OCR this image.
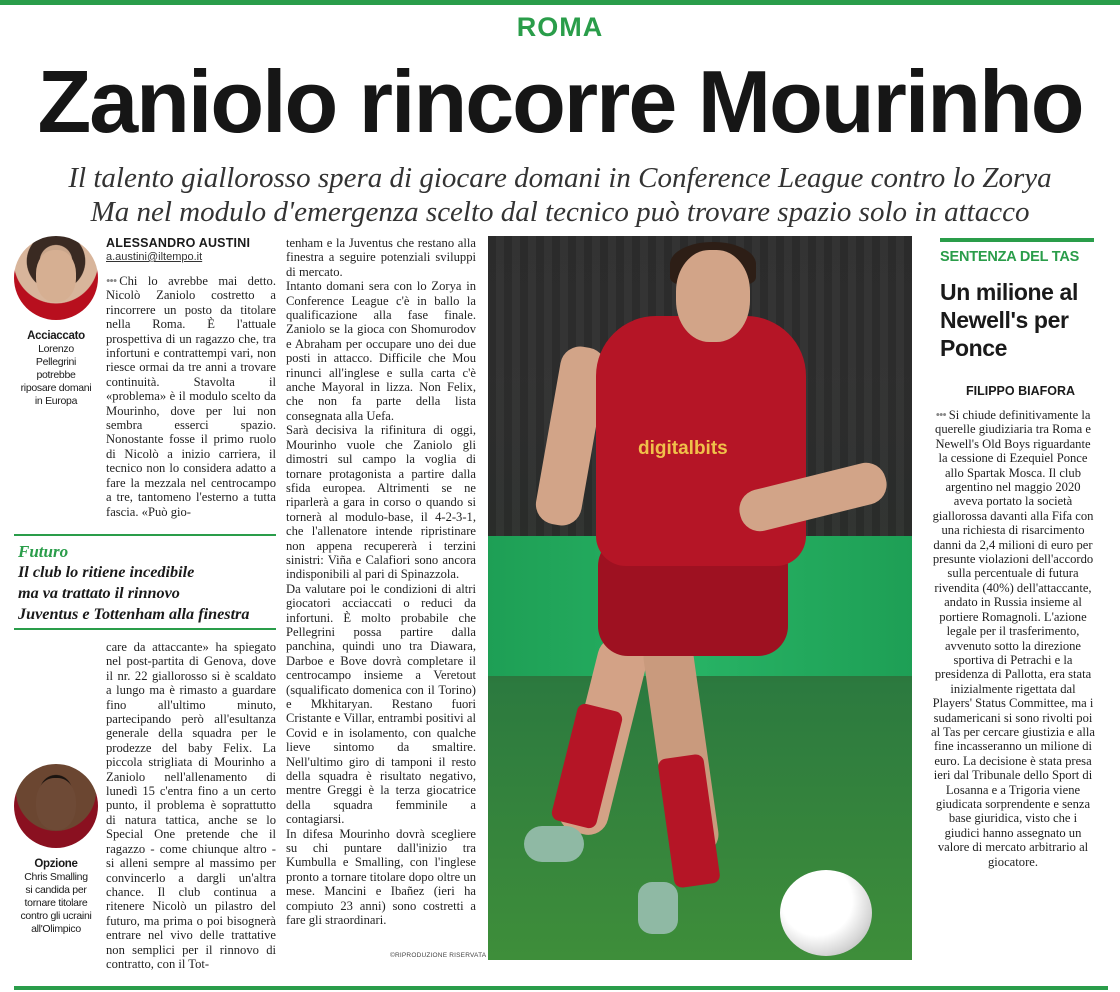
ROMA
Zaniolo rincorre Mourinho
Il talento giallorosso spera di giocare domani in Conference League contro lo Zorya
Ma nel modulo d'emergenza scelto dal tecnico può trovare spazio solo in attacco
Acciaccato
Lorenzo Pellegrini potrebbe riposare domani in Europa
ALESSANDRO AUSTINI
a.austini@iltempo.it

••• Chi lo avrebbe mai detto. Nicolò Zaniolo costretto a rincorrere un posto da titolare nella Roma. È l'attuale prospettiva di un ragazzo che, tra infortuni e contrattempi vari, non riesce ormai da tre anni a trovare continuità. Stavolta il «problema» è il modulo scelto da Mourinho, dove per lui non sembra esserci spazio. Nonostante fosse il primo ruolo di Nicolò a inizio carriera, il tecnico non lo considera adatto a fare la mezzala nel centrocampo a tre, tantomeno l'esterno a tutta fascia. «Può gio-

Futuro
Il club lo ritiene incedibile
ma va trattato il rinnovo
Juventus e Tottenham alla finestra

care da attaccante» ha spiegato nel post-partita di Genova, dove il nr. 22 giallorosso si è scaldato a lungo ma è rimasto a guardare fino all'ultimo minuto, partecipando però all'esultanza generale della squadra per le prodezze del baby Felix. La piccola strigliata di Mourinho a Zaniolo nell'allenamento di lunedì 15 c'entra fino a un certo punto, il problema è soprattutto di natura tattica, anche se lo Special One pretende che il ragazzo - come chiunque altro - si alleni sempre al massimo per convincerlo a dargli un'altra chance. Il club continua a ritenere Nicolò un pilastro del futuro, ma prima o poi bisognerà entrare nel vivo delle trattative non semplici per il rinnovo di contratto, con il Tot-

Opzione
Chris Smalling si candida per tornare titolare contro gli ucraini all'Olimpico

tenham e la Juventus che restano alla finestra a seguire potenziali sviluppi di mercato.

Intanto domani sera con lo Zorya in Conference League c'è in ballo la qualificazione alla fase finale. Zaniolo se la gioca con Shomurodov e Abraham per occupare uno dei due posti in attacco. Difficile che Mou rinunci all'inglese e sulla carta c'è anche Mayoral in lizza. Non Felix, che non fa parte della lista consegnata alla Uefa.

Sarà decisiva la rifinitura di oggi, Mourinho vuole che Zaniolo gli dimostri sul campo la voglia di tornare protagonista a partire dalla sfida europea. Altrimenti se ne riparlerà a gara in corso o quando si tornerà al modulo-base, il 4-2-3-1, che l'allenatore intende ripristinare non appena recupererà i terzini sinistri: Viña e Calafiori sono ancora indisponibili al pari di Spinazzola.

Da valutare poi le condizioni di altri giocatori acciaccati o reduci da infortuni. È molto probabile che Pellegrini possa partire dalla panchina, quindi uno tra Diawara, Darboe e Bove dovrà completare il centrocampo insieme a Veretout (squalificato domenica con il Torino) e Mkhitaryan. Restano fuori Cristante e Villar, entrambi positivi al Covid e in isolamento, con qualche lieve sintomo da smaltire. Nell'ultimo giro di tamponi il resto della squadra è risultato negativo, mentre Greggi è la terza giocatrice della squadra femminile a contagiarsi.

In difesa Mourinho dovrà scegliere su chi puntare dall'inizio tra Kumbulla e Smalling, con l'inglese pronto a tornare titolare dopo oltre un mese. Mancini e Ibañez (ieri ha compiuto 23 anni) sono costretti a fare gli straordinari.

©RIPRODUZIONE RISERVATA
digitalbits
SENTENZA DEL TAS
Un milione al Newell's per Ponce
FILIPPO BIAFORA
••• Si chiude definitivamente la querelle giudiziaria tra Roma e Newell's Old Boys riguardante la cessione di Ezequiel Ponce allo Spartak Mosca. Il club argentino nel maggio 2020 aveva portato la società giallorossa davanti alla Fifa con una richiesta di risarcimento danni da 2,4 milioni di euro per presunte violazioni dell'accordo sulla percentuale di futura rivendita (40%) dell'attaccante, andato in Russia insieme al portiere Romagnoli. L'azione legale per il trasferimento, avvenuto sotto la direzione sportiva di Petrachi e la presidenza di Pallotta, era stata inizialmente rigettata dal Players' Status Committee, ma i sudamericani si sono rivolti poi al Tas per cercare giustizia e alla fine incasseranno un milione di euro. La decisione è stata presa ieri dal Tribunale dello Sport di Losanna e a Trigoria viene giudicata sorprendente e senza base giuridica, visto che i giudici hanno assegnato un valore di mercato arbitrario al giocatore.
